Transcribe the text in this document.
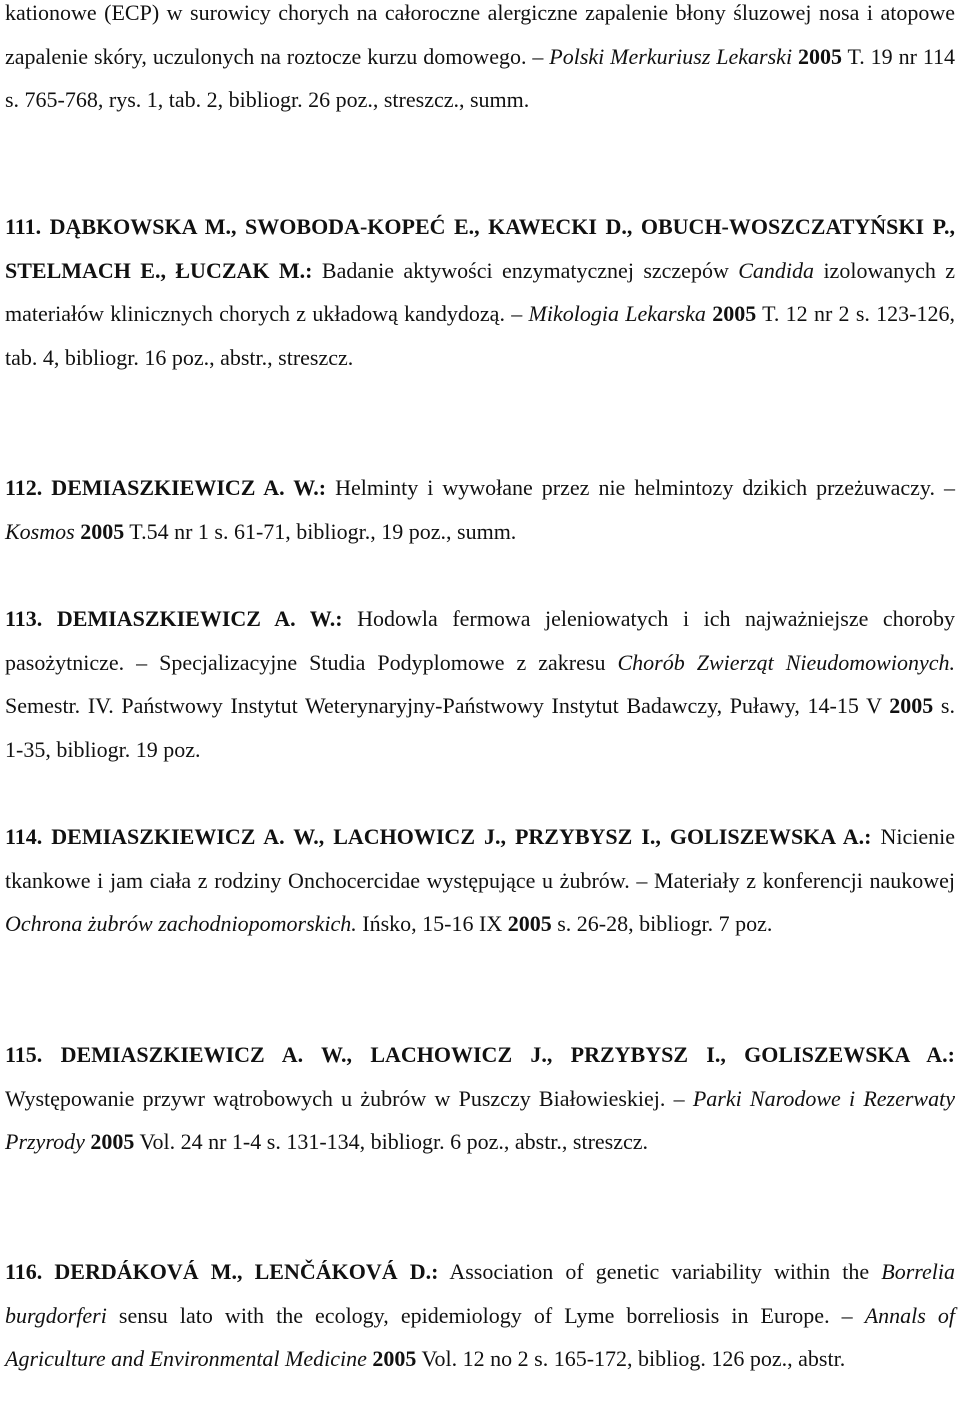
kationowe (ECP) w surowicy chorych na całoroczne alergiczne zapalenie błony śluzowej nosa i atopowe zapalenie skóry, uczulonych na roztocze kurzu domowego. – Polski Merkuriusz Lekarski 2005 T. 19 nr 114 s. 765-768, rys. 1, tab. 2, bibliogr. 26 poz., streszcz., summ.

111. DĄBKOWSKA M., SWOBODA-KOPEĆ E., KAWECKI D., OBUCH-WOSZCZATYŃSKI P., STELMACH E., ŁUCZAK M.: Badanie aktywości enzymatycznej szczepów Candida izolowanych z materiałów klinicznych chorych z układową kandydozą. – Mikologia Lekarska 2005 T. 12 nr 2 s. 123-126, tab. 4, bibliogr. 16 poz., abstr., streszcz.

112. DEMIASZKIEWICZ A. W.: Helminty i wywołane przez nie helmintozy dzikich przeżuwaczy. – Kosmos 2005 T.54 nr 1 s. 61-71, bibliogr., 19 poz., summ.

113. DEMIASZKIEWICZ A. W.: Hodowla fermowa jeleniowatych i ich najważniejsze choroby pasożytnicze. – Specjalizacyjne Studia Podyplomowe z zakresu Chorób Zwierząt Nieudomowionych. Semestr. IV. Państwowy Instytut Weterynaryjny-Państwowy Instytut Badawczy, Puławy, 14-15 V 2005 s. 1-35, bibliogr. 19 poz.

114. DEMIASZKIEWICZ A. W., LACHOWICZ J., PRZYBYSZ I., GOLISZEWSKA A.: Nicienie tkankowe i jam ciała z rodziny Onchocercidae występujące u żubrów. – Materiały z konferencji naukowej Ochrona żubrów zachodniopomorskich. Ińsko, 15-16 IX 2005 s. 26-28, bibliogr. 7 poz.

115. DEMIASZKIEWICZ A. W., LACHOWICZ J., PRZYBYSZ I., GOLISZEWSKA A.: Występowanie przywr wątrobowych u żubrów w Puszczy Białowieskiej. – Parki Narodowe i Rezerwaty Przyrody 2005 Vol. 24 nr 1-4 s. 131-134, bibliogr. 6 poz., abstr., streszcz.

116. DERDÁKOVÁ M., LENČÁKOVÁ D.: Association of genetic variability within the Borrelia burgdorferi sensu lato with the ecology, epidemiology of Lyme borreliosis in Europe. – Annals of Agriculture and Environmental Medicine 2005 Vol. 12 no 2 s. 165-172, bibliog. 126 poz., abstr.
